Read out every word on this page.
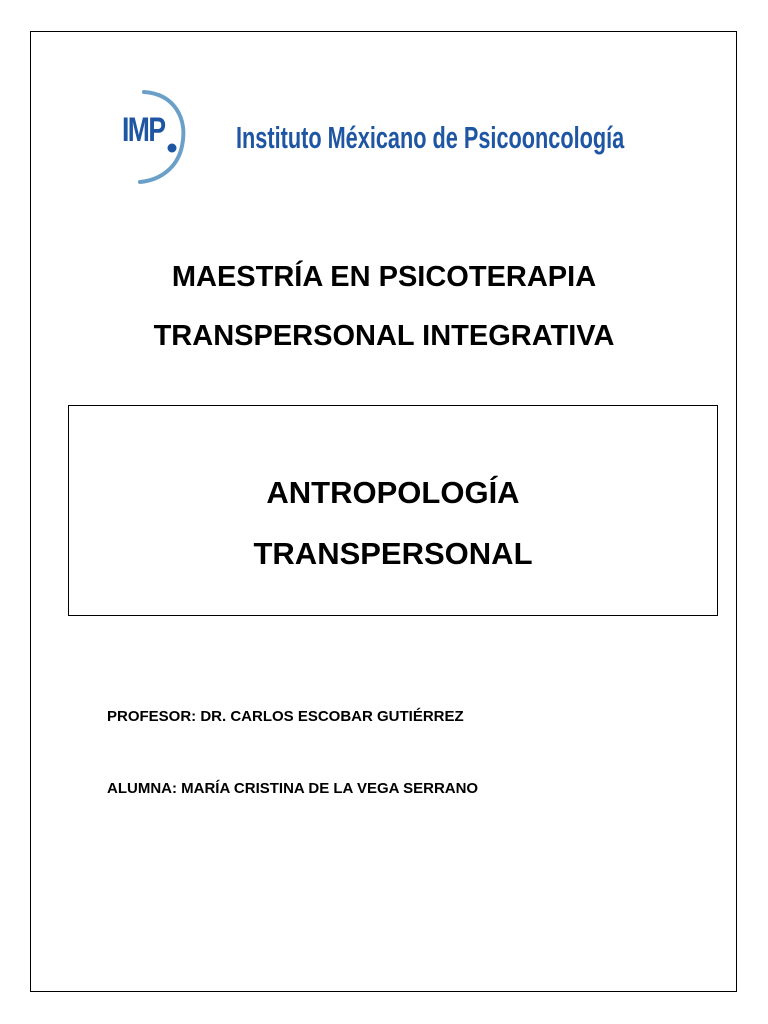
IMP Instituto Méxicano de Psicooncología
MAESTRÍA EN PSICOTERAPIA
TRANSPERSONAL INTEGRATIVA
ANTROPOLOGÍA
TRANSPERSONAL
PROFESOR: DR. CARLOS ESCOBAR GUTIÉRREZ
ALUMNA: MARÍA CRISTINA DE LA VEGA SERRANO
